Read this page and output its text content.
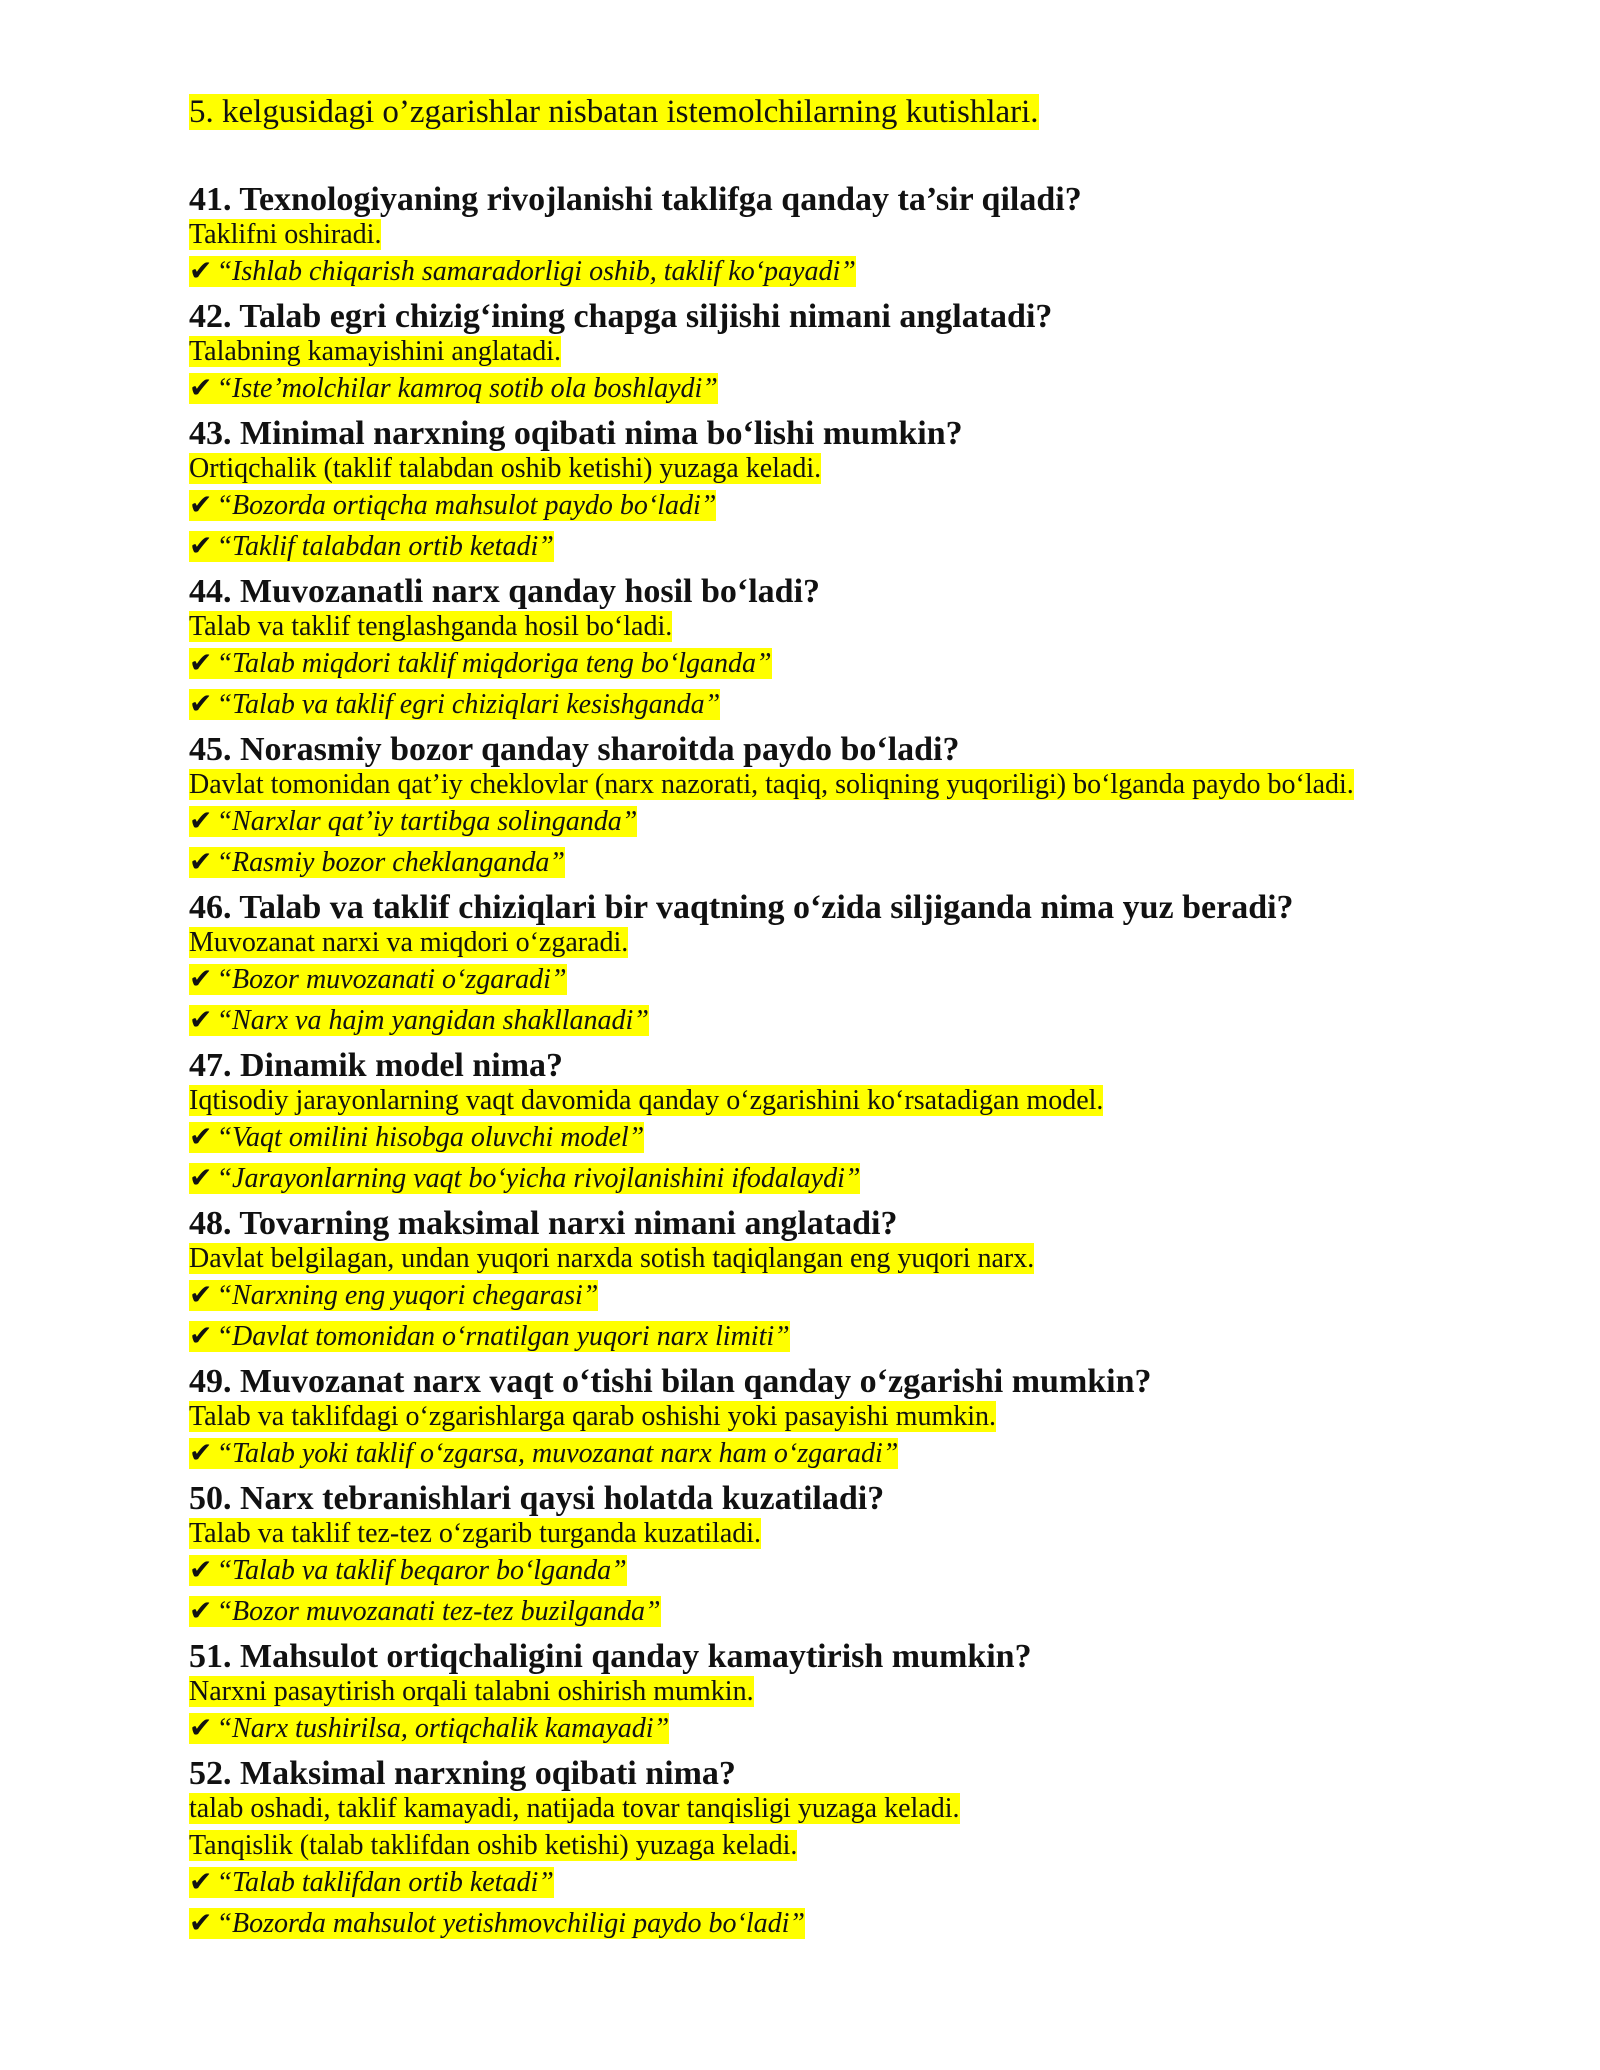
5. kelgusidagi o’zgarishlar nisbatan istemolchilarning kutishlari.
41. Texnologiyaning rivojlanishi taklifga qanday ta’sir qiladi?
Taklifni oshiradi.
✔ “Ishlab chiqarish samaradorligi oshib, taklif ko‘payadi”
42. Talab egri chizig‘ining chapga siljishi nimani anglatadi?
Talabning kamayishini anglatadi.
✔ “Iste’molchilar kamroq sotib ola boshlaydi”
43. Minimal narxning oqibati nima bo‘lishi mumkin?
Ortiqchalik (taklif talabdan oshib ketishi) yuzaga keladi.
✔ “Bozorda ortiqcha mahsulot paydo bo‘ladi”
✔ “Taklif talabdan ortib ketadi”
44. Muvozanatli narx qanday hosil bo‘ladi?
Talab va taklif tenglashganda hosil bo‘ladi.
✔ “Talab miqdori taklif miqdoriga teng bo‘lganda”
✔ “Talab va taklif egri chiziqlari kesishganda”
45. Norasmiy bozor qanday sharoitda paydo bo‘ladi?
Davlat tomonidan qat’iy cheklovlar (narx nazorati, taqiq, soliqning yuqoriligi) bo‘lganda paydo bo‘ladi.
✔ “Narxlar qat’iy tartibga solinganda”
✔ “Rasmiy bozor cheklanganda”
46. Talab va taklif chiziqlari bir vaqtning o‘zida siljiganda nima yuz beradi?
Muvozanat narxi va miqdori o‘zgaradi.
✔ “Bozor muvozanati o‘zgaradi”
✔ “Narx va hajm yangidan shakllanadi”
47. Dinamik model nima?
Iqtisodiy jarayonlarning vaqt davomida qanday o‘zgarishini ko‘rsatadigan model.
✔ “Vaqt omilini hisobga oluvchi model”
✔ “Jarayonlarning vaqt bo‘yicha rivojlanishini ifodalaydi”
48. Tovarning maksimal narxi nimani anglatadi?
Davlat belgilagan, undan yuqori narxda sotish taqiqlangan eng yuqori narx.
✔ “Narxning eng yuqori chegarasi”
✔ “Davlat tomonidan o‘rnatilgan yuqori narx limiti”
49. Muvozanat narx vaqt o‘tishi bilan qanday o‘zgarishi mumkin?
Talab va taklifdagi o‘zgarishlarga qarab oshishi yoki pasayishi mumkin.
✔ “Talab yoki taklif o‘zgarsa, muvozanat narx ham o‘zgaradi”
50. Narx tebranishlari qaysi holatda kuzatiladi?
Talab va taklif tez-tez o‘zgarib turganda kuzatiladi.
✔ “Talab va taklif beqaror bo‘lganda”
✔ “Bozor muvozanati tez-tez buzilganda”
51. Mahsulot ortiqchaligini qanday kamaytirish mumkin?
Narxni pasaytirish orqali talabni oshirish mumkin.
✔ “Narx tushirilsa, ortiqchalik kamayadi”
52. Maksimal narxning oqibati nima?
talab oshadi, taklif kamayadi, natijada tovar tanqisligi yuzaga keladi.
Tanqislik (talab taklifdan oshib ketishi) yuzaga keladi.
✔ “Talab taklifdan ortib ketadi”
✔ “Bozorda mahsulot yetishmovchiligi paydo bo‘ladi”
